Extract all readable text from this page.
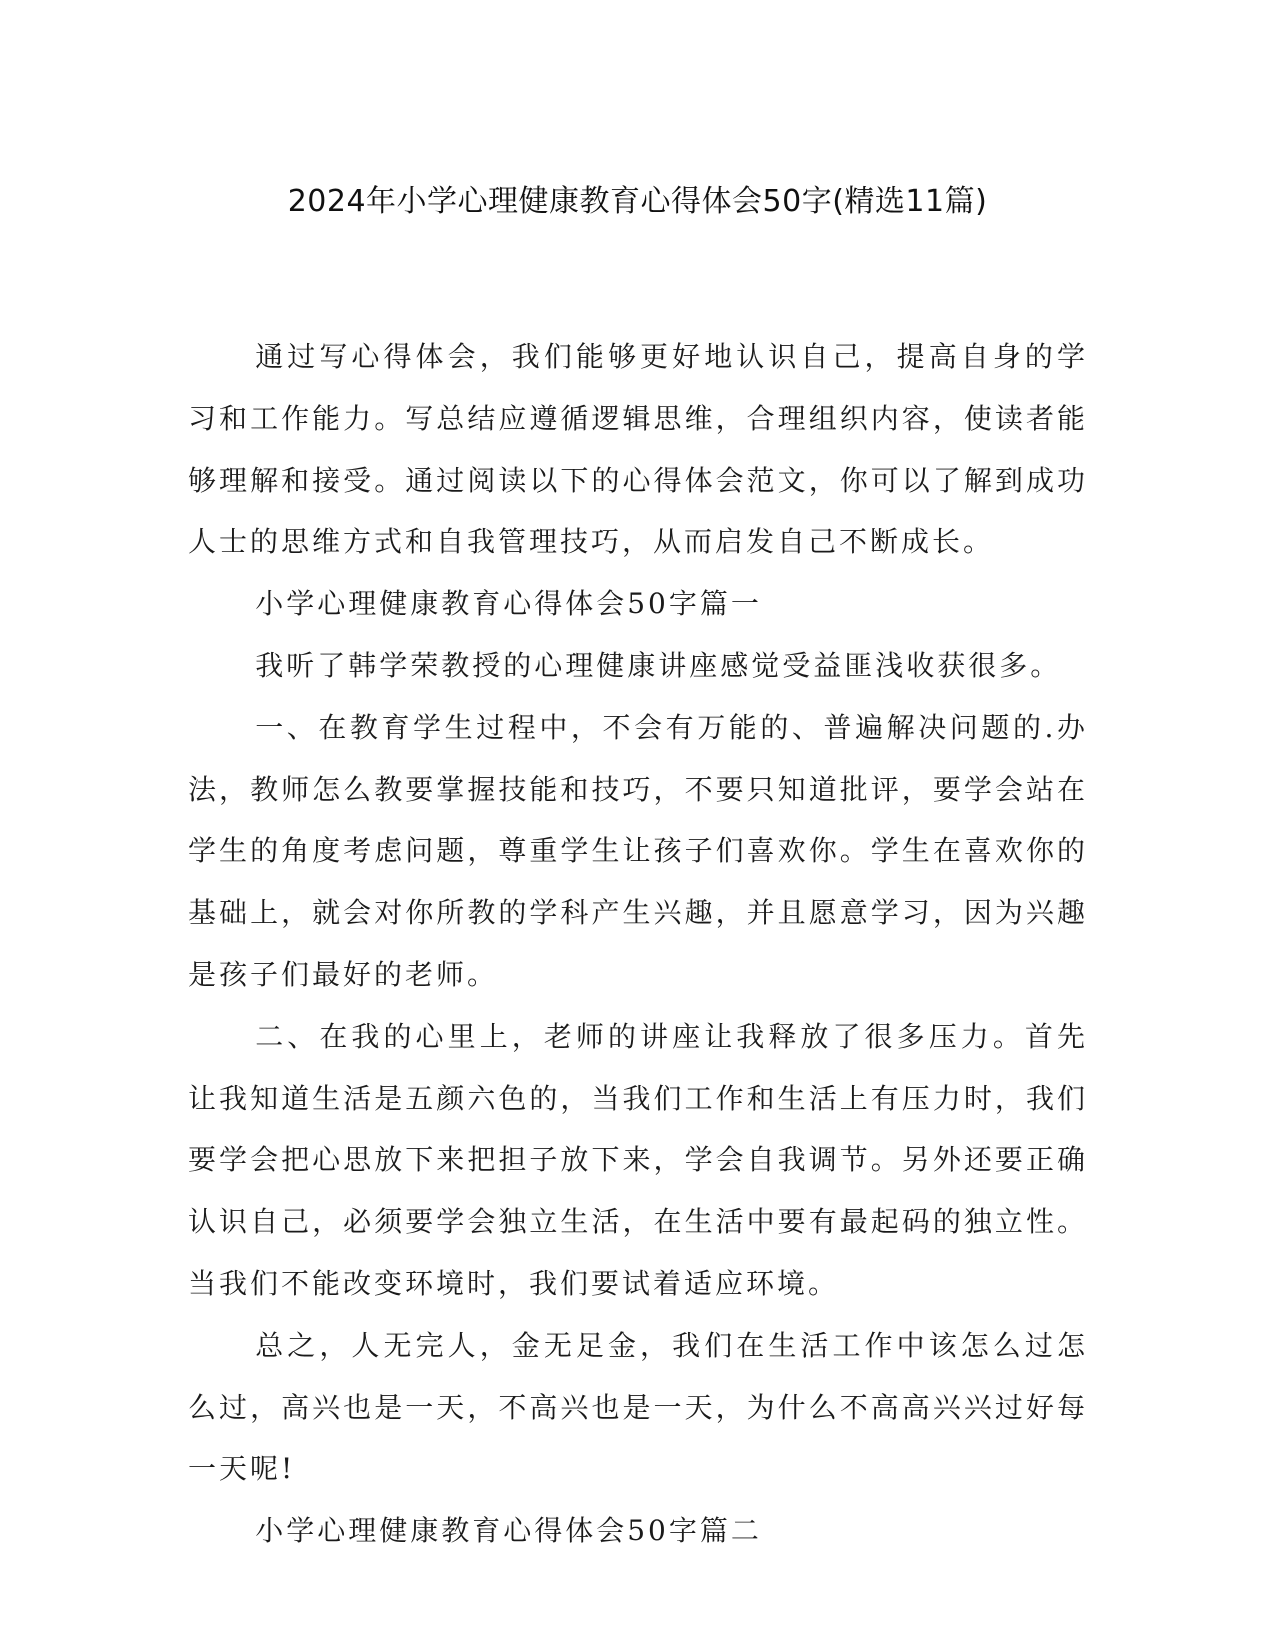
2024年小学心理健康教育心得体会50字(精选11篇)

通过写心得体会，我们能够更好地认识自己，提高自身的学习和工作能力。写总结应遵循逻辑思维，合理组织内容，使读者能够理解和接受。通过阅读以下的心得体会范文，你可以了解到成功人士的思维方式和自我管理技巧，从而启发自己不断成长。

小学心理健康教育心得体会50字篇一

我听了韩学荣教授的心理健康讲座感觉受益匪浅收获很多。

一、在教育学生过程中，不会有万能的、普遍解决问题的.办法，教师怎么教要掌握技能和技巧，不要只知道批评，要学会站在学生的角度考虑问题，尊重学生让孩子们喜欢你。学生在喜欢你的基础上，就会对你所教的学科产生兴趣，并且愿意学习，因为兴趣是孩子们最好的老师。

二、在我的心里上，老师的讲座让我释放了很多压力。首先让我知道生活是五颜六色的，当我们工作和生活上有压力时，我们要学会把心思放下来把担子放下来，学会自我调节。另外还要正确认识自己，必须要学会独立生活，在生活中要有最起码的独立性。当我们不能改变环境时，我们要试着适应环境。

总之，人无完人，金无足金，我们在生活工作中该怎么过怎么过，高兴也是一天，不高兴也是一天，为什么不高高兴兴过好每一天呢!

小学心理健康教育心得体会50字篇二
